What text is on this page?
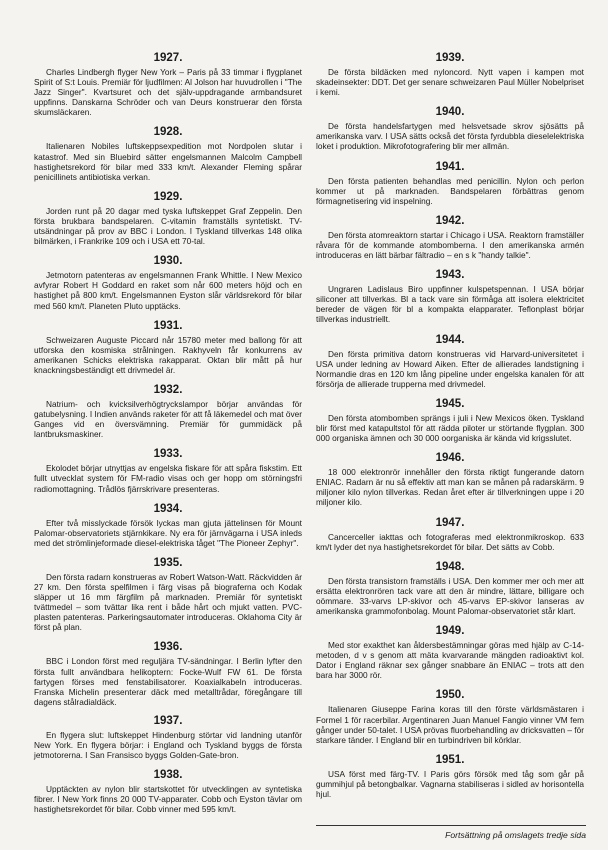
1927.

Charles Lindbergh flyger New York – Paris på 33 timmar i flygplanet Spirit of S:t Louis. Premiär för ljudfilmen: Al Jolson har huvudrollen i "The Jazz Singer". Kvartsuret och det själv-uppdragande armbandsuret uppfinns. Danskarna Schröder och van Deurs konstruerar den första skumsläckaren.

1928.

Italienaren Nobiles luftskeppsexpedition mot Nordpolen slutar i katastrof. Med sin Bluebird sätter engelsmannen Malcolm Campbell hastighetsrekord för bilar med 333 km/t. Alexander Fleming spårar penicillinets antibiotiska verkan.

1929.

Jorden runt på 20 dagar med tyska luftskeppet Graf Zeppelin. Den första brukbara bandspelaren. C-vitamin framställs syntetiskt. TV-utsändningar på prov av BBC i London. I Tyskland tillverkas 148 olika bilmärken, i Frankrike 109 och i USA ett 70-tal.

1930.

Jetmotorn patenteras av engelsmannen Frank Whittle. I New Mexico avfyrar Robert H Goddard en raket som når 600 meters höjd och en hastighet på 800 km/t. Engelsmannen Eyston slår världsrekord för bilar med 560 km/t. Planeten Pluto upptäcks.

1931.

Schweizaren Auguste Piccard når 15780 meter med ballong för att utforska den kosmiska strålningen. Rakhyveln får konkurrens av amerikanen Schicks elektriska rakapparat. Oktan blir mått på hur knackningsbeständigt ett drivmedel är.

1932.

Natrium- och kvicksilverhögtryckslampor börjar användas för gatubelysning. I Indien används raketer för att få läkemedel och mat över Ganges vid en översvämning. Premiär för gummidäck på lantbruksmaskiner.

1933.

Ekolodet börjar utnyttjas av engelska fiskare för att spåra fiskstim. Ett fullt utvecklat system för FM-radio visas och ger hopp om störningsfri radiomottagning. Trådlös fjärrskrivare presenteras.

1934.

Efter två misslyckade försök lyckas man gjuta jättelinsen för Mount Palomar-observatoriets stjärnkikare. Ny era för järnvägarna i USA inleds med det strömlinjeformade diesel-elektriska tåget "The Pioneer Zephyr".

1935.

Den första radarn konstrueras av Robert Watson-Watt. Räckvidden är 27 km. Den första spelfilmen i färg visas på biograferna och Kodak släpper ut 16 mm färgfilm på marknaden. Premiär för syntetiskt tvättmedel – som tvättar lika rent i både hårt och mjukt vatten. PVC-plasten patenteras. Parkeringsautomater introduceras. Oklahoma City är först på plan.

1936.

BBC i London först med reguljära TV-sändningar. I Berlin lyfter den första fullt användbara helikoptern: Focke-Wulf FW 61. De första fartygen förses med fenstabilisatorer. Koaxialkabeln introduceras. Franska Michelin presenterar däck med metalltrådar, föregångare till dagens stålradialdäck.

1937.

En flygera slut: luftskeppet Hindenburg störtar vid landning utanför New York. En flygera börjar: i England och Tyskland byggs de första jetmotorerna. I San Fransisco byggs Golden-Gate-bron.

1938.

Upptäckten av nylon blir startskottet för utvecklingen av syntetiska fibrer. I New York finns 20 000 TV-apparater. Cobb och Eyston tävlar om hastighetsrekordet för bilar. Cobb vinner med 595 km/t.

1939.

De första bildäcken med nyloncord. Nytt vapen i kampen mot skadeinsekter: DDT. Det ger senare schweizaren Paul Müller Nobelpriset i kemi.

1940.

De första handelsfartygen med helsvetsade skrov sjösätts på amerikanska varv. I USA sätts också det första fyrdubbla dieselelektriska loket i produktion. Mikrofotografering blir mer allmän.

1941.

Den första patienten behandlas med penicillin. Nylon och perlon kommer ut på marknaden. Bandspelaren förbättras genom förmagnetisering vid inspelning.

1942.

Den första atomreaktorn startar i Chicago i USA. Reaktorn framställer råvara för de kommande atombomberna. I den amerikanska armén introduceras en lätt bärbar fältradio – en s k "handy talkie".

1943.

Ungraren Ladislaus Biro uppfinner kulspetspennan. I USA börjar siliconer att tillverkas. Bl a tack vare sin förmåga att isolera elektricitet bereder de vägen för bl a kompakta elapparater. Teflonplast börjar tillverkas industriellt.

1944.

Den första primitiva datorn konstrueras vid Harvard-universitetet i USA under ledning av Howard Aiken. Efter de allierades landstigning i Normandie dras en 120 km lång pipeline under engelska kanalen för att försörja de allierade trupperna med drivmedel.

1945.

Den första atombomben sprängs i juli i New Mexicos öken. Tyskland blir först med katapultstol för att rädda piloter ur störtande flygplan. 300 000 organiska ämnen och 30 000 oorganiska är kända vid krigsslutet.

1946.

18 000 elektronrör innehåller den första riktigt fungerande datorn ENIAC. Radarn är nu så effektiv att man kan se månen på radarskärm. 9 miljoner kilo nylon tillverkas. Redan året efter är tillverkningen uppe i 20 miljoner kilo.

1947.

Cancerceller iakttas och fotograferas med elektronmikroskop. 633 km/t lyder det nya hastighetsrekordet för bilar. Det sätts av Cobb.

1948.

Den första transistorn framställs i USA. Den kommer mer och mer att ersätta elektronrören tack vare att den är mindre, lättare, billigare och oömmare. 33-varvs LP-skivor och 45-varvs EP-skivor lanseras av amerikanska grammofonbolag. Mount Palomar-observatoriet står klart.

1949.

Med stor exakthet kan åldersbestämningar göras med hjälp av C-14-metoden, d v s genom att mäta kvarvarande mängden radioaktivt kol. Dator i England räknar sex gånger snabbare än ENIAC – trots att den bara har 3000 rör.

1950.

Italienaren Giuseppe Farina koras till den förste världsmästaren i Formel 1 för racerbilar. Argentinaren Juan Manuel Fangio vinner VM fem gånger under 50-talet. I USA prövas fluorbehandling av dricksvatten – för starkare tänder. I England blir en turbindriven bil körklar.

1951.

USA först med färg-TV. I Paris görs försök med tåg som går på gummihjul på betongbalkar. Vagnarna stabiliseras i sidled av horisontella hjul.

Fortsättning på omslagets tredje sida
